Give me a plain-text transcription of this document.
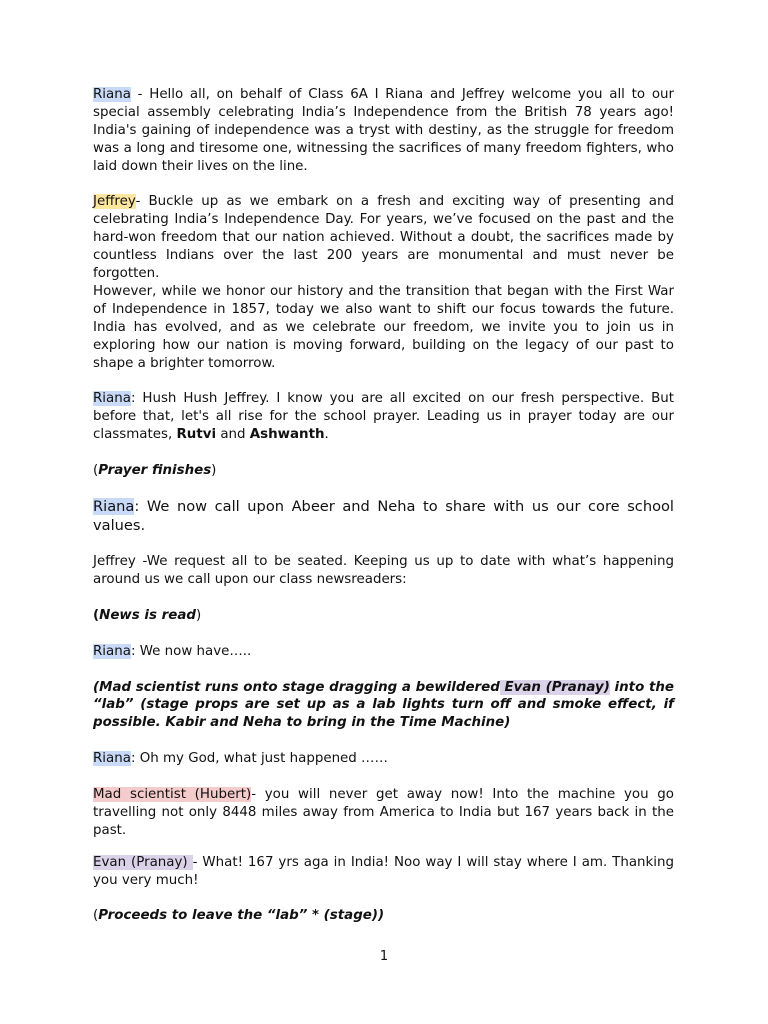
Riana - Hello all, on behalf of Class 6A I Riana and Jeffrey welcome you all to our special assembly celebrating India’s Independence from the British 78 years ago! India's gaining of independence was a tryst with destiny, as the struggle for freedom was a long and tiresome one, witnessing the sacrifices of many freedom fighters, who laid down their lives on the line.

Jeffrey- Buckle up as we embark on a fresh and exciting way of presenting and celebrating India’s Independence Day. For years, we’ve focused on the past and the hard-won freedom that our nation achieved. Without a doubt, the sacrifices made by countless Indians over the last 200 years are monumental and must never be forgotten.

However, while we honor our history and the transition that began with the First War of Independence in 1857, today we also want to shift our focus towards the future. India has evolved, and as we celebrate our freedom, we invite you to join us in exploring how our nation is moving forward, building on the legacy of our past to shape a brighter tomorrow.

Riana: Hush Hush Jeffrey. I know you are all excited on our fresh perspective. But before that, let's all rise for the school prayer. Leading us in prayer today are our classmates, Rutvi and Ashwanth.

(Prayer finishes)

Riana: We now call upon Abeer and Neha to share with us our core school values.

Jeffrey -We request all to be seated. Keeping us up to date with what’s happening around us we call upon our class newsreaders:

(News is read)

Riana: We now have…..

(Mad scientist runs onto stage dragging a bewildered Evan (Pranay) into the “lab” (stage props are set up as a lab lights turn off and smoke effect, if possible. Kabir and Neha to bring in the Time Machine)

Riana: Oh my God, what just happened ……

Mad scientist (Hubert)- you will never get away now! Into the machine you go travelling not only 8448 miles away from America to India but 167 years back in the past.

Evan (Pranay) - What! 167 yrs aga in India! Noo way I will stay where I am. Thanking you very much!

(Proceeds to leave the “lab” * (stage))

1
